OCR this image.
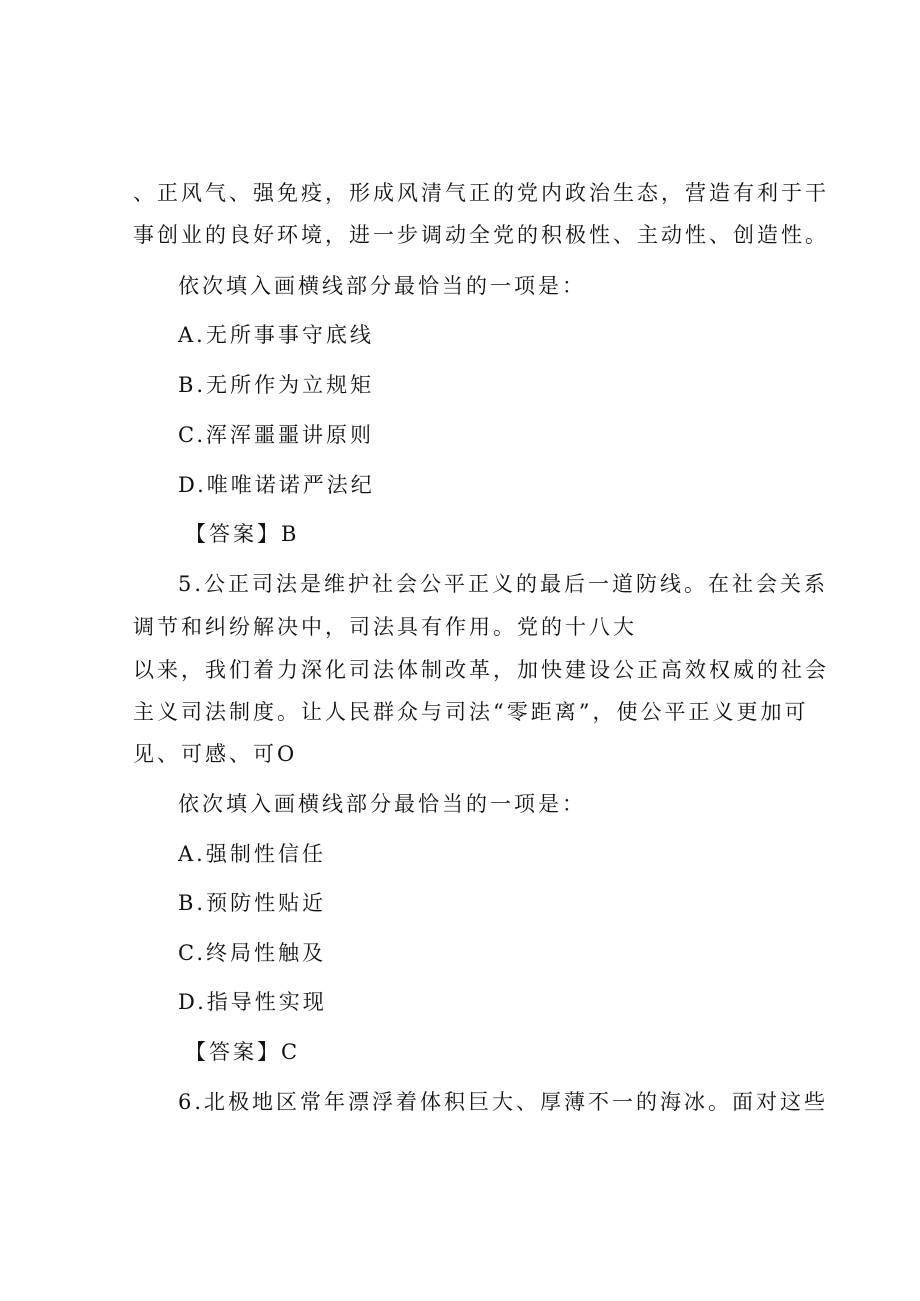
、正风气、强免疫，形成风清气正的党内政治生态，营造有利于干
事创业的良好环境，进一步调动全党的积极性、主动性、创造性。
依次填入画横线部分最恰当的一项是：
A.无所事事守底线
B.无所作为立规矩
C.浑浑噩噩讲原则
D.唯唯诺诺严法纪
【答案】B
5.公正司法是维护社会公平正义的最后一道防线。在社会关系
调节和纠纷解决中，司法具有作用。党的十八大
以来，我们着力深化司法体制改革，加快建设公正高效权威的社会
主义司法制度。让人民群众与司法“零距离”，使公平正义更加可
见、可感、可O
依次填入画横线部分最恰当的一项是：
A.强制性信任
B.预防性贴近
C.终局性触及
D.指导性实现
【答案】C
6.北极地区常年漂浮着体积巨大、厚薄不一的海冰。面对这些
